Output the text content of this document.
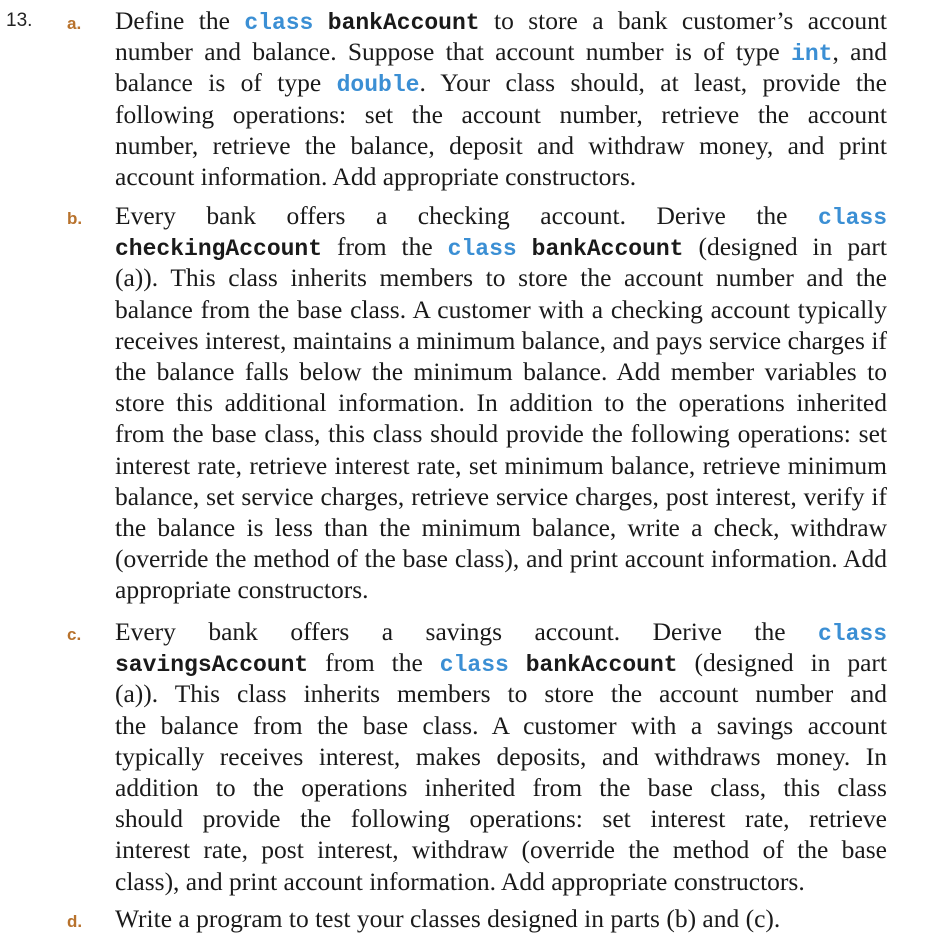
13. a. Define the class bankAccount to store a bank customer’s account
number and balance. Suppose that account number is of type int, and
balance is of type double. Your class should, at least, provide the
following operations: set the account number, retrieve the account
number, retrieve the balance, deposit and withdraw money, and print
account information. Add appropriate constructors.
b. Every bank offers a checking account. Derive the class
checkingAccount from the class bankAccount (designed in part
(a)). This class inherits members to store the account number and the
balance from the base class. A customer with a checking account typically
receives interest, maintains a minimum balance, and pays service charges if
the balance falls below the minimum balance. Add member variables to
store this additional information. In addition to the operations inherited
from the base class, this class should provide the following operations: set
interest rate, retrieve interest rate, set minimum balance, retrieve minimum
balance, set service charges, retrieve service charges, post interest, verify if
the balance is less than the minimum balance, write a check, withdraw
(override the method of the base class), and print account information. Add
appropriate constructors.
c. Every bank offers a savings account. Derive the class
savingsAccount from the class bankAccount (designed in part
(a)). This class inherits members to store the account number and
the balance from the base class. A customer with a savings account
typically receives interest, makes deposits, and withdraws money. In
addition to the operations inherited from the base class, this class
should provide the following operations: set interest rate, retrieve
interest rate, post interest, withdraw (override the method of the base
class), and print account information. Add appropriate constructors.
d. Write a program to test your classes designed in parts (b) and (c).
